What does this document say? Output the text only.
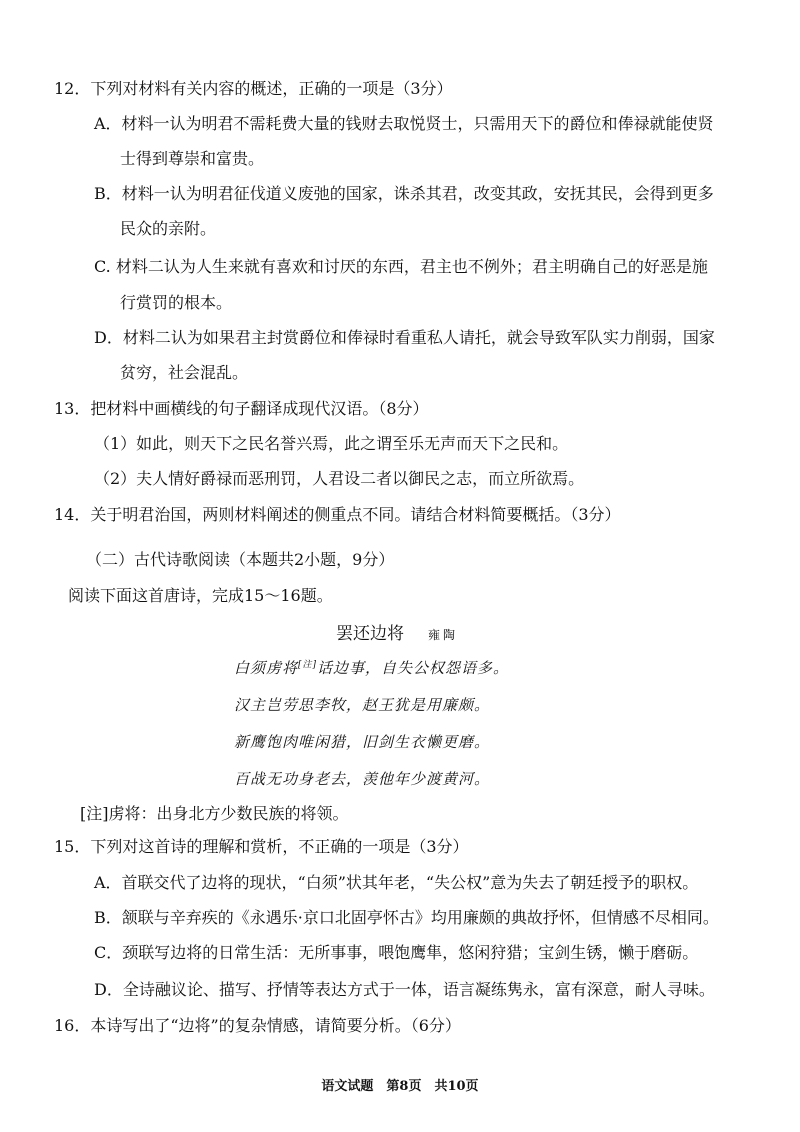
12．下列对材料有关内容的概述，正确的一项是（3分）
A．材料一认为明君不需耗费大量的钱财去取悦贤士，只需用天下的爵位和俸禄就能使贤
士得到尊崇和富贵。
B．材料一认为明君征伐道义废弛的国家，诛杀其君，改变其政，安抚其民，会得到更多
民众的亲附。
C. 材料二认为人生来就有喜欢和讨厌的东西，君主也不例外；君主明确自己的好恶是施
行赏罚的根本。
D．材料二认为如果君主封赏爵位和俸禄时看重私人请托，就会导致军队实力削弱，国家
贫穷，社会混乱。
13．把材料中画横线的句子翻译成现代汉语。（8分）
（1）如此，则天下之民名誉兴焉，此之谓至乐无声而天下之民和。
（2）夫人情好爵禄而恶刑罚，人君设二者以御民之志，而立所欲焉。
14．关于明君治国，两则材料阐述的侧重点不同。请结合材料简要概括。（3分）
（二）古代诗歌阅读（本题共2小题，9分）
阅读下面这首唐诗，完成15～16题。
罢还边将 雍陶
白须虏将[注]话边事，自失公权怨语多。
汉主岂劳思李牧，赵王犹是用廉颇。
新鹰饱肉唯闲猎，旧剑生衣懒更磨。
百战无功身老去，羡他年少渡黄河。
[注]虏将：出身北方少数民族的将领。
15．下列对这首诗的理解和赏析，不正确的一项是（3分）
A．首联交代了边将的现状，“白须”状其年老，“失公权”意为失去了朝廷授予的职权。
B．颔联与辛弃疾的《永遇乐·京口北固亭怀古》均用廉颇的典故抒怀，但情感不尽相同。
C．颈联写边将的日常生活：无所事事，喂饱鹰隼，悠闲狩猎；宝剑生锈，懒于磨砺。
D．全诗融议论、描写、抒情等表达方式于一体，语言凝练隽永，富有深意，耐人寻味。
16．本诗写出了“边将”的复杂情感，请简要分析。（6分）
语文试题　第8页　共10页
